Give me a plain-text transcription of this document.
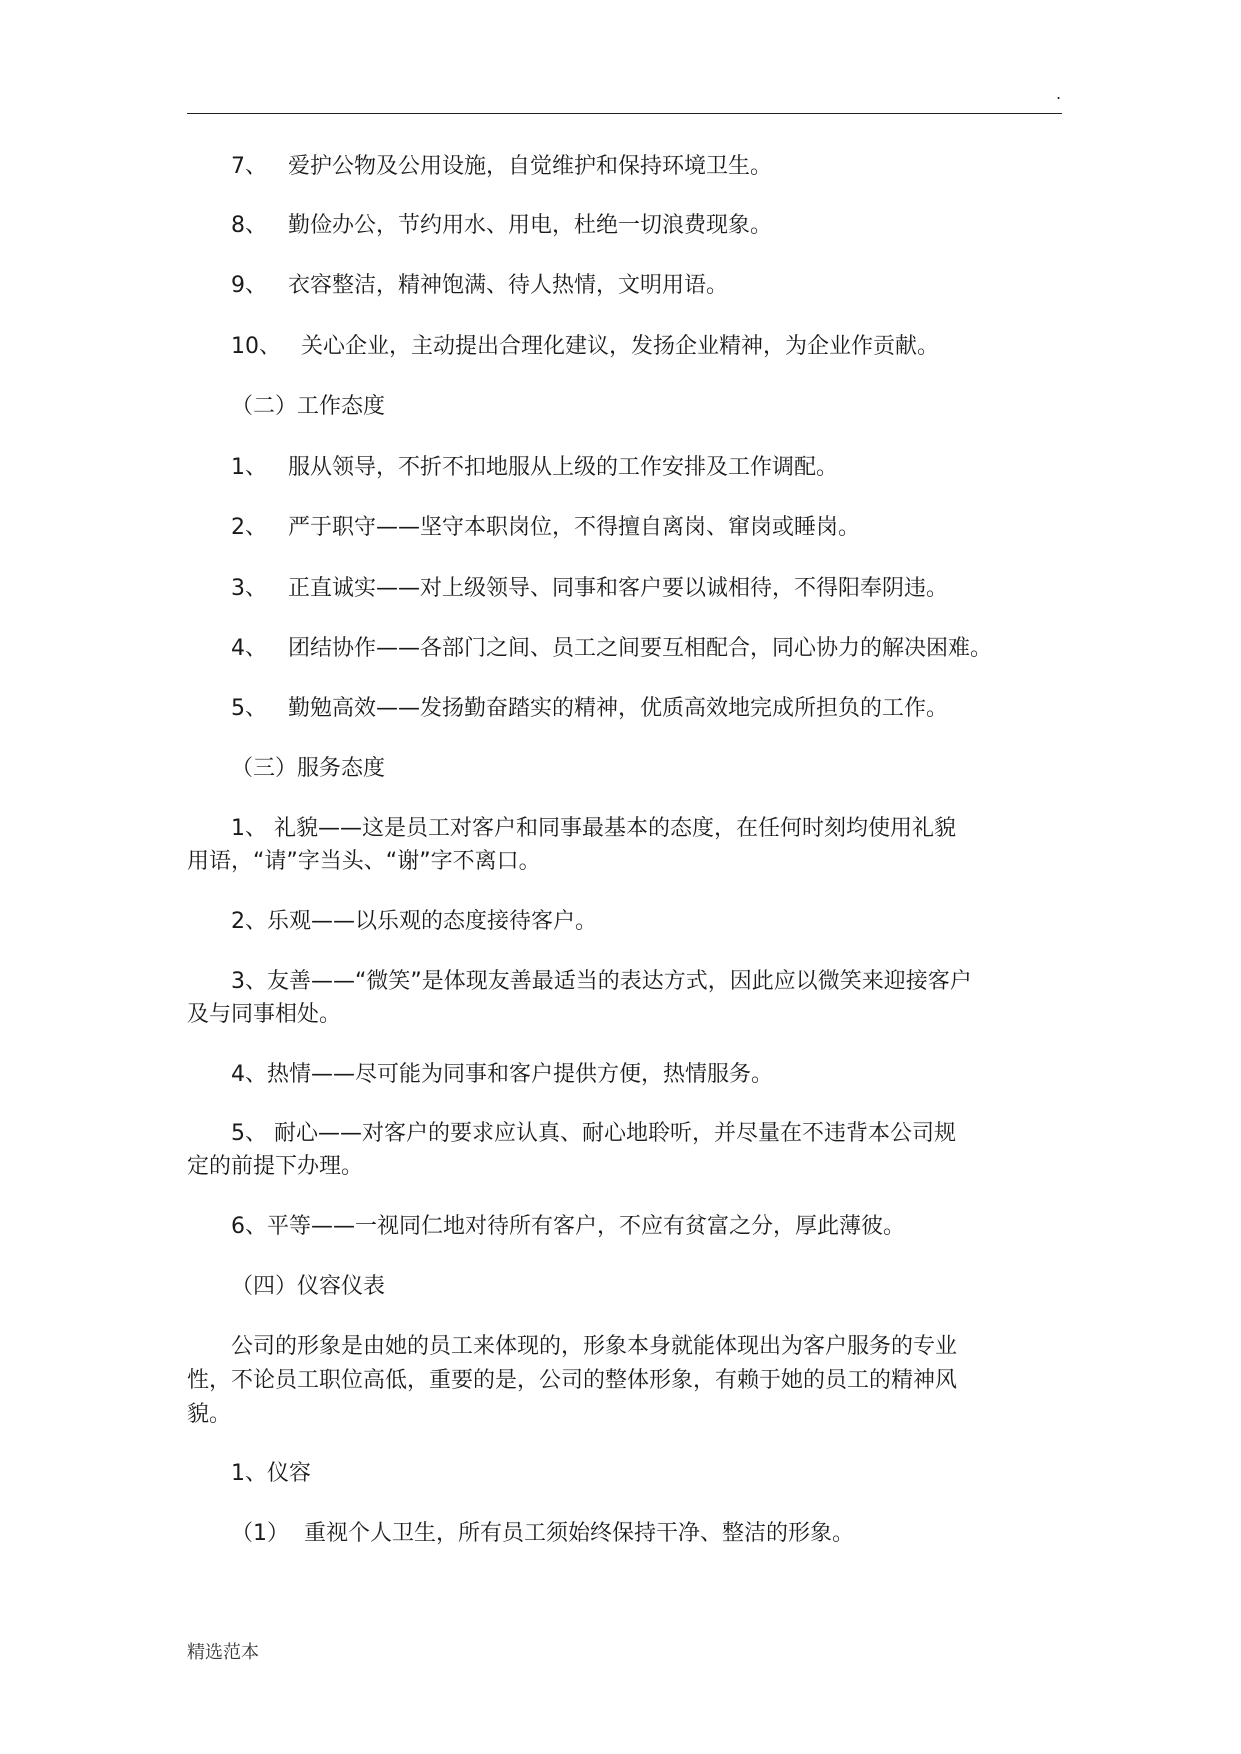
.
7、 爱护公物及公用设施，自觉维护和保持环境卫生。
8、 勤俭办公，节约用水、用电，杜绝一切浪费现象。
9、 衣容整洁，精神饱满、待人热情，文明用语。
10、 关心企业，主动提出合理化建议，发扬企业精神，为企业作贡献。
（二）工作态度
1、 服从领导，不折不扣地服从上级的工作安排及工作调配。
2、 严于职守——坚守本职岗位，不得擅自离岗、窜岗或睡岗。
3、 正直诚实——对上级领导、同事和客户要以诚相待，不得阳奉阴违。
4、 团结协作——各部门之间、员工之间要互相配合，同心协力的解决困难。
5、 勤勉高效——发扬勤奋踏实的精神，优质高效地完成所担负的工作。
（三）服务态度
1、 礼貌——这是员工对客户和同事最基本的态度，在任何时刻均使用礼貌
用语，“请”字当头、“谢”字不离口。
2、乐观——以乐观的态度接待客户。
3、友善——“微笑”是体现友善最适当的表达方式，因此应以微笑来迎接客户
及与同事相处。
4、热情——尽可能为同事和客户提供方便，热情服务。
5、 耐心——对客户的要求应认真、耐心地聆听，并尽量在不违背本公司规
定的前提下办理。
6、平等——一视同仁地对待所有客户，不应有贫富之分，厚此薄彼。
（四）仪容仪表
公司的形象是由她的员工来体现的，形象本身就能体现出为客户服务的专业
性，不论员工职位高低，重要的是，公司的整体形象，有赖于她的员工的精神风
貌。
1、仪容
（1） 重视个人卫生，所有员工须始终保持干净、整洁的形象。
精选范本
